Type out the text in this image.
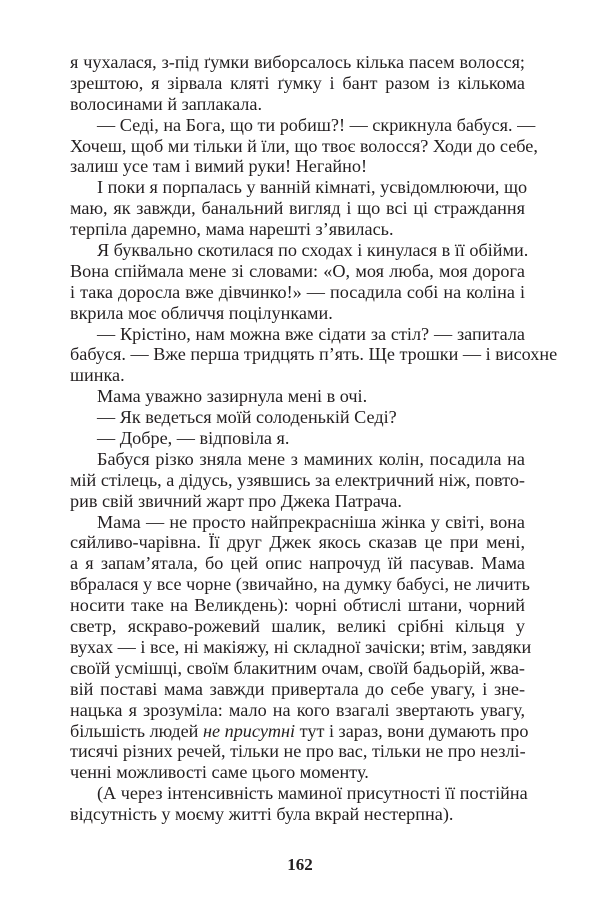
я чухалася, з-під ґумки виборсалось кілька пасем волосся;
зрештою, я зірвала кляті ґумку і бант разом із кількома
волосинами й заплакала.
— Седі, на Бога, що ти робиш?! — скрикнула бабуся. —
Хочеш, щоб ми тільки й їли, що твоє волосся? Ходи до себе,
залиш усе там і вимий руки! Негайно!
І поки я порпалась у ванній кімнаті, усвідомлюючи, що
маю, як завжди, банальний вигляд і що всі ці страждання
терпіла даремно, мама нарешті з’явилась.
Я буквально скотилася по сходах і кинулася в її обійми.
Вона спіймала мене зі словами: «О, моя люба, моя дорога
і така доросла вже дівчинко!» — посадила собі на коліна і
вкрила моє обличчя поцілунками.
— Крістіно, нам можна вже сідати за стіл? — запитала
бабуся. — Вже перша тридцять п’ять. Ще трошки — і висохне
шинка.
Мама уважно зазирнула мені в очі.
— Як ведеться моїй солоденькій Седі?
— Добре, — відповіла я.
Бабуся різко зняла мене з маминих колін, посадила на
мій стілець, а дідусь, узявшись за електричний ніж, повто-
рив свій звичний жарт про Джека Патрача.
Мама — не просто найпрекрасніша жінка у світі, вона
сяйливо-чарівна. Її друг Джек якось сказав це при мені,
а я запам’ятала, бо цей опис напрочуд їй пасував. Мама
вбралася у все чорне (звичайно, на думку бабусі, не личить
носити таке на Великдень): чорні обтислі штани, чорний
светр, яскраво-рожевий шалик, великі срібні кільця у
вухах — і все, ні макіяжу, ні складної зачіски; втім, завдяки
своїй усмішці, своїм блакитним очам, своїй бадьорій, жва-
вій поставі мама завжди привертала до себе увагу, і зне-
нацька я зрозуміла: мало на кого взагалі звертають увагу,
більшість людей не присутні тут і зараз, вони думають про
тисячі різних речей, тільки не про вас, тільки не про незлі-
ченні можливості саме цього моменту.
(А через інтенсивність маминої присутності її постійна
відсутність у моєму житті була вкрай нестерпна).
162
